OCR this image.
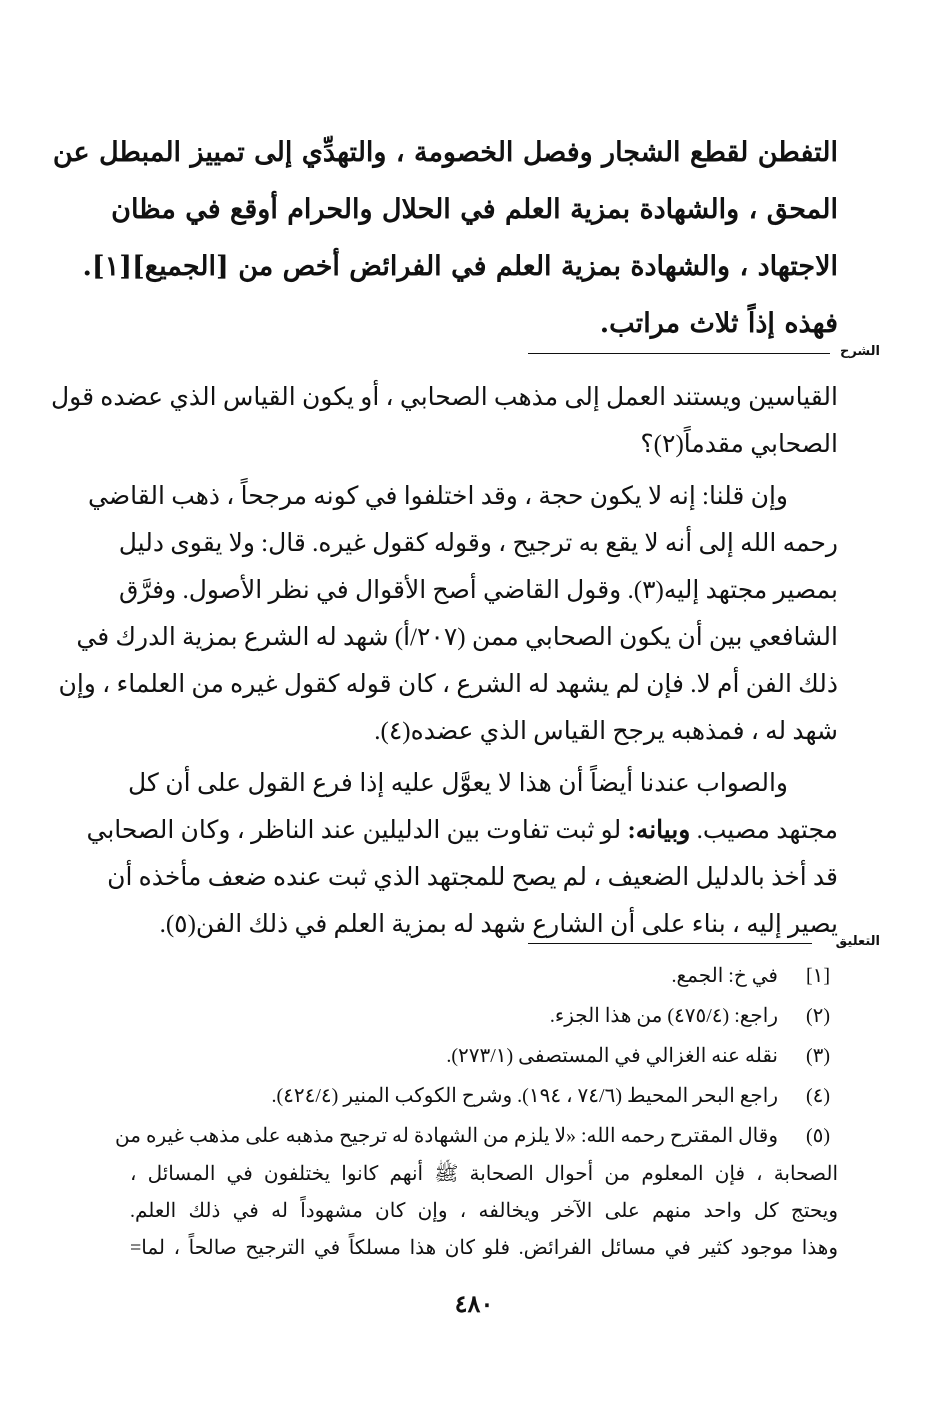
التفطن لقطع الشجار وفصل الخصومة ، والتهدِّي إلى تمييز المبطل عن
المحق ، والشهادة بمزية العلم في الحلال والحرام أوقع في مظان
الاجتهاد ، والشهادة بمزية العلم في الفرائض أخص من [الجميع][١].
فهذه إذاً ثلاث مراتب.
الشرح
القياسين ويستند العمل إلى مذهب الصحابي ، أو يكون القياس الذي عضده قول
الصحابي مقدماً(٢)؟
وإن قلنا: إنه لا يكون حجة ، وقد اختلفوا في كونه مرجحاً ، ذهب القاضي
رحمه الله إلى أنه لا يقع به ترجيح ، وقوله كقول غيره. قال: ولا يقوى دليل
بمصير مجتهد إليه(٣). وقول القاضي أصح الأقوال في نظر الأصول. وفرَّق
الشافعي بين أن يكون الصحابي ممن (٢٠٧/أ) شهد له الشرع بمزية الدرك في
ذلك الفن أم لا. فإن لم يشهد له الشرع ، كان قوله كقول غيره من العلماء ، وإن
شهد له ، فمذهبه يرجح القياس الذي عضده(٤).
والصواب عندنا أيضاً أن هذا لا يعوَّل عليه إذا فرع القول على أن كل
مجتهد مصيب. وبيانه: لو ثبت تفاوت بين الدليلين عند الناظر ، وكان الصحابي
قد أخذ بالدليل الضعيف ، لم يصح للمجتهد الذي ثبت عنده ضعف مأخذه أن
يصير إليه ، بناء على أن الشارع شهد له بمزية العلم في ذلك الفن(٥).
التعليق
[١]
في خ: الجمع.
(٢)
راجع: (٤٧٥/٤) من هذا الجزء.
(٣)
نقله عنه الغزالي في المستصفى (٢٧٣/١).
(٤)
راجع البحر المحيط (٧٤/٦ ، ١٩٤). وشرح الكوكب المنير (٤٢٤/٤).
(٥)
وقال المقترح رحمه الله: «لا يلزم من الشهادة له ترجيح مذهبه على مذهب غيره من
الصحابة ، فإن المعلوم من أحوال الصحابة ﷺ أنهم كانوا يختلفون في المسائل ،
ويحتج كل واحد منهم على الآخر ويخالفه ، وإن كان مشهوداً له في ذلك العلم.
وهذا موجود كثير في مسائل الفرائض. فلو كان هذا مسلكاً في الترجيح صالحاً ، لما=
٤٨٠
